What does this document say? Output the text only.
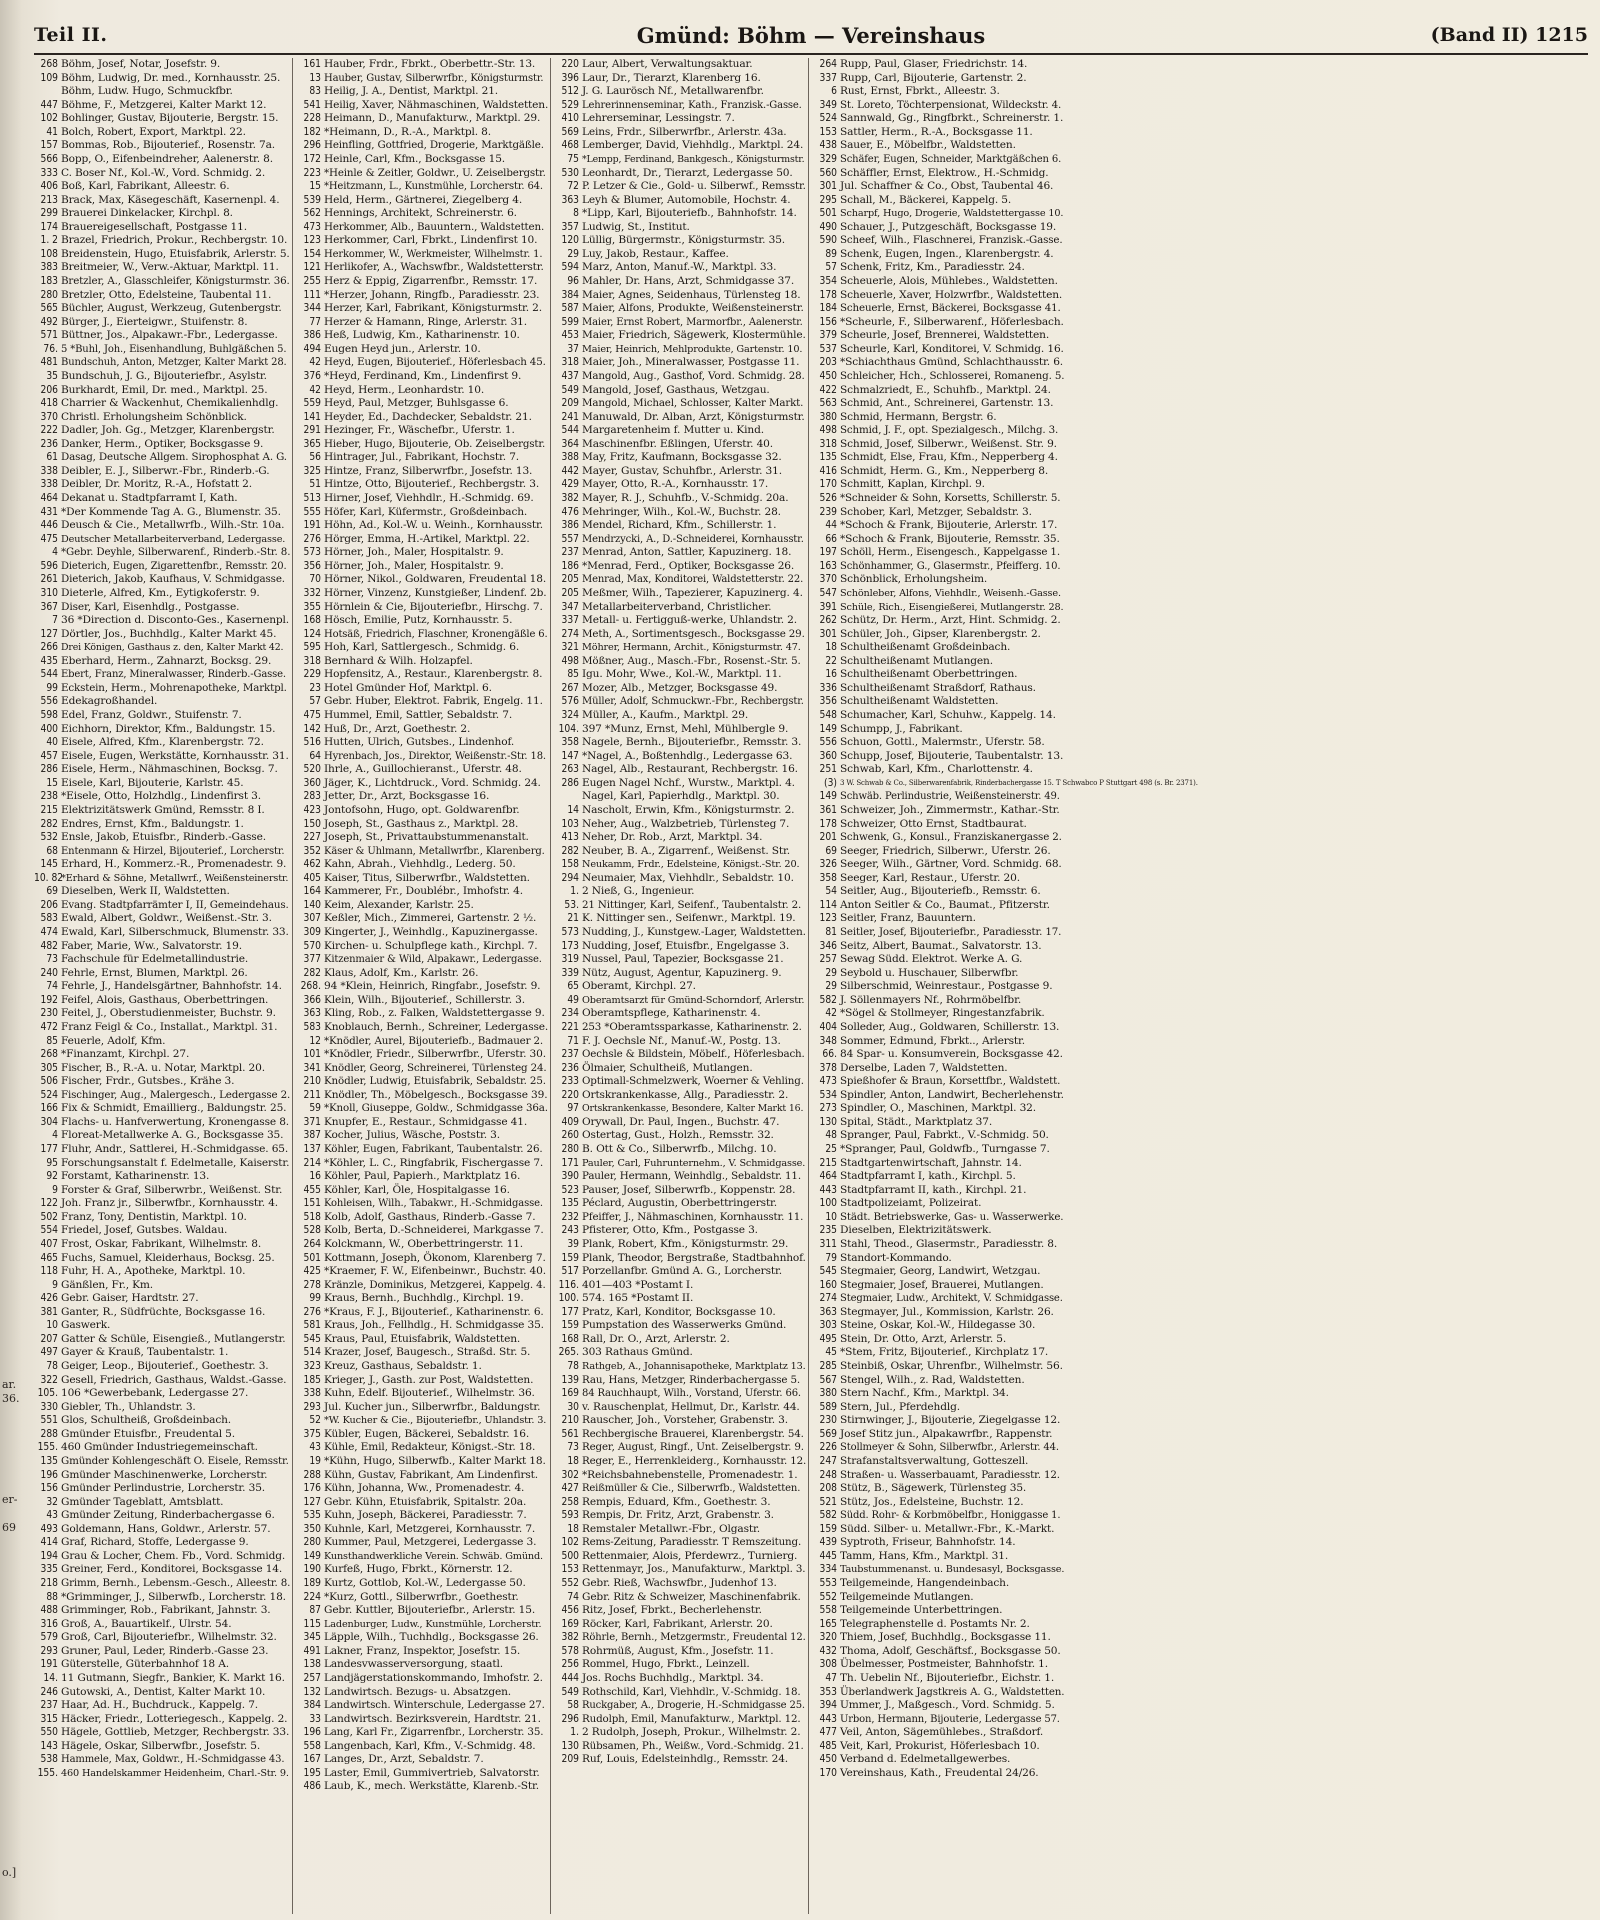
Teil II.	Gmünd: Böhm — Vereinshaus	(Band II) 1215
ar.
36.
er-
69
o.]
268 Böhm, Josef, Notar, Josefstr. 9.
109 Böhm, Ludwig, Dr. med., Kornhausstr. 25.
Böhm, Ludw. Hugo, Schmuckfbr.
447 Böhme, F., Metzgerei, Kalter Markt 12.
102 Bohlinger, Gustav, Bijouterie, Bergstr. 15.
41 Bolch, Robert, Export, Marktpl. 22.
157 Bommas, Rob., Bijouterief., Rosenstr. 7a.
566 Bopp, O., Eifenbeindreher, Aalenerstr. 8.
333 C. Boser Nf., Kol.-W., Vord. Schmidg. 2.
406 Boß, Karl, Fabrikant, Alleestr. 6.
213 Brack, Max, Käsegeschäft, Kasernenpl. 4.
299 Brauerei Dinkelacker, Kirchpl. 8.
174 Brauereigesellschaft, Postgasse 11.
1. 2 Brazel, Friedrich, Prokur., Rechbergstr. 10.
108 Breidenstein, Hugo, Etuisfabrik, Arlerstr. 5.
383 Breitmeier, W., Verw.-Aktuar, Marktpl. 11.
183 Bretzler, A., Glasschleifer, Königsturmstr. 36.
280 Bretzler, Otto, Edelsteine, Taubental 11.
565 Büchler, August, Werkzeug, Gutenbergstr.
492 Bürger, J., Eierteigwr., Stuifenstr. 8.
571 Büttner, Jos., Alpakawr.-Fbr., Ledergasse.
76. 5 *Buhl, Joh., Eisenhandlung, Buhlgäßchen 5.
481 Bundschuh, Anton, Metzger, Kalter Markt 28.
35 Bundschuh, J. G., Bijouteriefbr., Asylstr.
206 Burkhardt, Emil, Dr. med., Marktpl. 25.
418 Charrier & Wackenhut, Chemikalienhdlg.
370 Christl. Erholungsheim Schönblick.
222 Dadler, Joh. Gg., Metzger, Klarenbergstr.
236 Danker, Herm., Optiker, Bocksgasse 9.
61 Dasag, Deutsche Allgem. Sirophosphat A. G.
338 Deibler, E. J., Silberwr.-Fbr., Rinderb.-G.
338 Deibler, Dr. Moritz, R.-A., Hofstatt 2.
464 Dekanat u. Stadtpfarramt I, Kath.
431 *Der Kommende Tag A. G., Blumenstr. 35.
446 Deusch & Cie., Metallwrfb., Wilh.-Str. 10a.
475 Deutscher Metallarbeiterverband, Ledergasse.
4 *Gebr. Deyhle, Silberwarenf., Rinderb.-Str. 8.
596 Dieterich, Eugen, Zigarettenfbr., Remsstr. 20.
261 Dieterich, Jakob, Kaufhaus, V. Schmidgasse.
310 Dieterle, Alfred, Km., Eytigkoferstr. 9.
367 Diser, Karl, Eisenhdlg., Postgasse.
7 36 *Direction d. Disconto-Ges., Kasernenpl.
127 Dörtler, Jos., Buchhdlg., Kalter Markt 45.
266 Drei Königen, Gasthaus z. den, Kalter Markt 42.
435 Eberhard, Herm., Zahnarzt, Bocksg. 29.
544 Ebert, Franz, Mineralwasser, Rinderb.-Gasse.
99 Eckstein, Herm., Mohrenapotheke, Marktpl.
556 Edekagroßhandel.
598 Edel, Franz, Goldwr., Stuifenstr. 7.
400 Eichhorn, Direktor, Kfm., Baldungstr. 15.
40 Eisele, Alfred, Kfm., Klarenbergstr. 72.
457 Eisele, Eugen, Werkstätte, Kornhausstr. 31.
286 Eisele, Herm., Nähmaschinen, Bocksg. 7.
15 Eisele, Karl, Bijouterie, Karlstr. 45.
238 *Eisele, Otto, Holzhdlg., Lindenfirst 3.
215 Elektrizitätswerk Gmünd, Remsstr. 8 I.
282 Endres, Ernst, Kfm., Baldungstr. 1.
532 Ensle, Jakob, Etuisfbr., Rinderb.-Gasse.
68 Entenmann & Hirzel, Bijouterief., Lorcherstr.
145 Erhard, H., Kommerz.-R., Promenadestr. 9.
10. 82
*Erhard & Söhne, Metallwrf., Weißensteinerstr.
69 Dieselben, Werk II, Waldstetten.
206 Evang. Stadtpfarrämter I, II, Gemeindehaus.
583 Ewald, Albert, Goldwr., Weißenst.-Str. 3.
474 Ewald, Karl, Silberschmuck, Blumenstr. 33.
482 Faber, Marie, Ww., Salvatorstr. 19.
73 Fachschule für Edelmetallindustrie.
240 Fehrle, Ernst, Blumen, Marktpl. 26.
74 Fehrle, J., Handelsgärtner, Bahnhofstr. 14.
192 Feifel, Alois, Gasthaus, Oberbettringen.
230 Feitel, J., Oberstudienmeister, Buchstr. 9.
472 Franz Feigl & Co., Installat., Marktpl. 31.
85 Feuerle, Adolf, Kfm.
268 *Finanzamt, Kirchpl. 27.
305 Fischer, B., R.-A. u. Notar, Marktpl. 20.
506 Fischer, Frdr., Gutsbes., Krähe 3.
524 Fischinger, Aug., Malergesch., Ledergasse 2.
166 Fix & Schmidt, Emaillierg., Baldungstr. 25.
304 Flachs- u. Hanfverwertung, Kronengasse 8.
4 Floreat-Metallwerke A. G., Bocksgasse 35.
177 Fluhr, Andr., Sattlerei, H.-Schmidgasse. 65.
95 Forschungsanstalt f. Edelmetalle, Kaiserstr.
92 Forstamt, Katharinenstr. 13.
9 Forster & Graf, Silberwrbr., Weißenst. Str.
122 Joh. Franz jr., Silberwfbr., Kornhausstr. 4.
502 Franz, Tony, Dentistin, Marktpl. 10.
554 Friedel, Josef, Gutsbes. Waldau.
407 Frost, Oskar, Fabrikant, Wilhelmstr. 8.
465 Fuchs, Samuel, Kleiderhaus, Bocksg. 25.
118 Fuhr, H. A., Apotheke, Marktpl. 10.
9 Gänßlen, Fr., Km.
426 Gebr. Gaiser, Hardtstr. 27.
381 Ganter, R., Südfrüchte, Bocksgasse 16.
10 Gaswerk.
207 Gatter & Schüle, Eisengieß., Mutlangerstr.
497 Gayer & Krauß, Taubentalstr. 1.
78 Geiger, Leop., Bijouterief., Goethestr. 3.
322 Gesell, Friedrich, Gasthaus, Waldst.-Gasse.
105. 106 *Gewerbebank, Ledergasse 27.
330 Giebler, Th., Uhlandstr. 3.
551 Glos, Schultheiß, Großdeinbach.
288 Gmünder Etuisfbr., Freudental 5.
155. 460 Gmünder Industriegemeinschaft.
135 Gmünder Kohlengeschäft O. Eisele, Remsstr.
196 Gmünder Maschinenwerke, Lorcherstr.
156 Gmünder Perlindustrie, Lorcherstr. 35.
32 Gmünder Tageblatt, Amtsblatt.
43 Gmünder Zeitung, Rinderbachergasse 6.
493 Goldemann, Hans, Goldwr., Arlerstr. 57.
414 Graf, Richard, Stoffe, Ledergasse 9.
194 Grau & Locher, Chem. Fb., Vord. Schmidg.
335 Greiner, Ferd., Konditorei, Bocksgasse 14.
218 Grimm, Bernh., Lebensm.-Gesch., Alleestr. 8.
88 *Grimminger, J., Silberwfb., Lorcherstr. 18.
488 Grimminger, Rob., Fabrikant, Jahnstr. 3.
316 Groß, A., Bauartikelf., Ulrstr. 54.
579 Groß, Carl, Bijouteriefbr., Wilhelmstr. 32.
293 Gruner, Paul, Leder, Rinderb.-Gasse 23.
191 Güterstelle, Güterbahnhof 18 A.
14. 11 Gutmann, Siegfr., Bankier, K. Markt 16.
246 Gutowski, A., Dentist, Kalter Markt 10.
237 Haar, Ad. H., Buchdruck., Kappelg. 7.
315 Häcker, Friedr., Lotteriegesch., Kappelg. 2.
550 Hägele, Gottlieb, Metzger, Rechbergstr. 33.
143 Hägele, Oskar, Silberwfbr., Josefstr. 5.
538 Hammele, Max, Goldwr., H.-Schmidgasse 43.
155. 460 Handelskammer Heidenheim, Charl.-Str. 9.
161 Hauber, Frdr., Fbrkt., Oberbettr.-Str. 13.
13 Hauber, Gustav, Silberwrfbr., Königsturmstr.
83 Heilig, J. A., Dentist, Marktpl. 21.
541 Heilig, Xaver, Nähmaschinen, Waldstetten.
228 Heimann, D., Manufakturw., Marktpl. 29.
182 *Heimann, D., R.-A., Marktpl. 8.
296 Heinfling, Gottfried, Drogerie, Marktgäßle.
172 Heinle, Carl, Kfm., Bocksgasse 15.
223 *Heinle & Zeitler, Goldwr., U. Zeiselbergstr.
15 *Heitzmann, L., Kunstmühle, Lorcherstr. 64.
539 Held, Herm., Gärtnerei, Ziegelberg 4.
562 Hennings, Architekt, Schreinerstr. 6.
473 Herkommer, Alb., Bauuntern., Waldstetten.
123 Herkommer, Carl, Fbrkt., Lindenfirst 10.
154 Herkommer, W., Werkmeister, Wilhelmstr. 1.
121 Herlikofer, A., Wachswfbr., Waldstetterstr.
255 Herz & Eppig, Zigarrenfbr., Remsstr. 17.
111 *Herzer, Johann, Ringfb., Paradiesstr. 23.
344 Herzer, Karl, Fabrikant, Königsturmstr. 2.
77 Herzer & Hamann, Ringe, Arlerstr. 31.
386 Heß, Ludwig, Km., Katharinenstr. 10.
494 Eugen Heyd jun., Arlerstr. 10.
42 Heyd, Eugen, Bijouterief., Höferlesbach 45.
376 *Heyd, Ferdinand, Km., Lindenfirst 9.
42 Heyd, Herm., Leonhardstr. 10.
559 Heyd, Paul, Metzger, Buhlsgasse 6.
141 Heyder, Ed., Dachdecker, Sebaldstr. 21.
291 Hezinger, Fr., Wäschefbr., Uferstr. 1.
365 Hieber, Hugo, Bijouterie, Ob. Zeiselbergstr.
56 Hintrager, Jul., Fabrikant, Hochstr. 7.
325 Hintze, Franz, Silberwrfbr., Josefstr. 13.
51 Hintze, Otto, Bijouterief., Rechbergstr. 3.
513 Hirner, Josef, Viehhdlr., H.-Schmidg. 69.
555 Höfer, Karl, Küfermstr., Großdeinbach.
191 Höhn, Ad., Kol.-W. u. Weinh., Kornhausstr.
276 Hörger, Emma, H.-Artikel, Marktpl. 22.
573 Hörner, Joh., Maler, Hospitalstr. 9.
356 Hörner, Joh., Maler, Hospitalstr. 9.
70 Hörner, Nikol., Goldwaren, Freudental 18.
332 Hörner, Vinzenz, Kunstgießer, Lindenf. 2b.
355 Hörnlein & Cie, Bijouteriefbr., Hirschg. 7.
168 Hösch, Emilie, Putz, Kornhausstr. 5.
124 Hotsäß, Friedrich, Flaschner, Kronengäßle 6.
595 Hoh, Karl, Sattlergesch., Schmidg. 6.
318 Bernhard & Wilh. Holzapfel.
229 Hopfensitz, A., Restaur., Klarenbergstr. 8.
23 Hotel Gmünder Hof, Marktpl. 6.
57 Gebr. Huber, Elektrot. Fabrik, Engelg. 11.
475 Hummel, Emil, Sattler, Sebaldstr. 7.
142 Huß, Dr., Arzt, Goethestr. 2.
516 Hutten, Ulrich, Gutsbes., Lindenhof.
64 Hyrenbach, Jos., Direktor, Weißenstr.-Str. 18.
520 Ihrle, A., Guillochieranst., Uferstr. 48.
360 Jäger, K., Lichtdruck., Vord. Schmidg. 24.
283 Jetter, Dr., Arzt, Bocksgasse 16.
423 Jontofsohn, Hugo, opt. Goldwarenfbr.
150 Joseph, St., Gasthaus z., Marktpl. 28.
227 Joseph, St., Privattaubstummenanstalt.
352 Käser & Uhlmann, Metallwrfbr., Klarenberg.
462 Kahn, Abrah., Viehhdlg., Lederg. 50.
405 Kaiser, Titus, Silberwrfbr., Waldstetten.
164 Kammerer, Fr., Doublébr., Imhofstr. 4.
140 Keim, Alexander, Karlstr. 25.
307 Keßler, Mich., Zimmerei, Gartenstr. 2 ½.
309 Kingerter, J., Weinhdlg., Kapuzinergasse.
570 Kirchen- u. Schulpflege kath., Kirchpl. 7.
377 Kitzenmaier & Wild, Alpakawr., Ledergasse.
282 Klaus, Adolf, Km., Karlstr. 26.
268. 94 *Klein, Heinrich, Ringfabr., Josefstr. 9.
366 Klein, Wilh., Bijouterief., Schillerstr. 3.
363 Kling, Rob., z. Falken, Waldstettergasse 9.
583 Knoblauch, Bernh., Schreiner, Ledergasse.
12 *Knödler, Aurel, Bijouteriefb., Badmauer 2.
101 *Knödler, Friedr., Silberwrfbr., Uferstr. 30.
341 Knödler, Georg, Schreinerei, Türlensteg 24.
210 Knödler, Ludwig, Etuisfabrik, Sebaldstr. 25.
211 Knödler, Th., Möbelgesch., Bocksgasse 39.
59 *Knoll, Giuseppe, Goldw., Schmidgasse 36a.
371 Knupfer, E., Restaur., Schmidgasse 41.
387 Kocher, Julius, Wäsche, Poststr. 3.
137 Köhler, Eugen, Fabrikant, Taubentalstr. 26.
214 *Köhler, L. C., Ringfabrik, Fischergasse 7.
16 Köhler, Paul, Papierh., Marktplatz 16.
455 Köhler, Karl, Öle, Hospitalgasse 16.
151 Kohleisen, Wilh., Tabakwr., H.-Schmidgasse.
518 Kolb, Adolf, Gasthaus, Rinderb.-Gasse 7.
528 Kolb, Berta, D.-Schneiderei, Markgasse 7.
264 Kolckmann, W., Oberbettringerstr. 11.
501 Kottmann, Joseph, Ökonom, Klarenberg 7.
425 *Kraemer, F. W., Eifenbeinwr., Buchstr. 40.
278 Kränzle, Dominikus, Metzgerei, Kappelg. 4.
99 Kraus, Bernh., Buchhdlg., Kirchpl. 19.
276 *Kraus, F. J., Bijouterief., Katharinenstr. 6.
581 Kraus, Joh., Fellhdlg., H. Schmidgasse 35.
545 Kraus, Paul, Etuisfabrik, Waldstetten.
514 Krazer, Josef, Baugesch., Straßd. Str. 5.
323 Kreuz, Gasthaus, Sebaldstr. 1.
185 Krieger, J., Gasth. zur Post, Waldstetten.
338 Kuhn, Edelf. Bijouterief., Wilhelmstr. 36.
293 Jul. Kucher jun., Silberwrfbr., Baldungstr.
52 *W. Kucher & Cie., Bijouteriefbr., Uhlandstr. 3.
375 Kübler, Eugen, Bäckerei, Sebaldstr. 16.
43 Kühle, Emil, Redakteur, Königst.-Str. 18.
19 *Kühn, Hugo, Silberwfb., Kalter Markt 18.
288 Kühn, Gustav, Fabrikant, Am Lindenfirst.
176 Kühn, Johanna, Ww., Promenadestr. 4.
127 Gebr. Kühn, Etuisfabrik, Spitalstr. 20a.
535 Kuhn, Joseph, Bäckerei, Paradiesstr. 7.
350 Kuhnle, Karl, Metzgerei, Kornhausstr. 7.
280 Kummer, Paul, Metzgerei, Ledergasse 3.
149 Kunsthandwerkliche Verein. Schwäb. Gmünd.
190 Kurfeß, Hugo, Fbrkt., Körnerstr. 12.
189 Kurtz, Gottlob, Kol.-W., Ledergasse 50.
224 *Kurz, Gottl., Silberwrfbr., Goethestr.
87 Gebr. Kuttler, Bijouteriefbr., Arlerstr. 15.
115 Ladenburger, Ludw., Kunstmühle, Lorcherstr.
345 Läpple, Wilh., Tuchhdlg., Bocksgasse 26.
491 Lakner, Franz, Inspektor, Josefstr. 15.
138 Landesvwasserversorgung, staatl.
257 Landjägerstationskommando, Imhofstr. 2.
132 Landwirtsch. Bezugs- u. Absatzgen.
384 Landwirtsch. Winterschule, Ledergasse 27.
33 Landwirtsch. Bezirksverein, Hardtstr. 21.
196 Lang, Karl Fr., Zigarrenfbr., Lorcherstr. 35.
558 Langenbach, Karl, Kfm., V.-Schmidg. 48.
167 Langes, Dr., Arzt, Sebaldstr. 7.
195 Laster, Emil, Gummivertrieb, Salvatorstr.
486 Laub, K., mech. Werkstätte, Klarenb.-Str.
220 Laur, Albert, Verwaltungsaktuar.
396 Laur, Dr., Tierarzt, Klarenberg 16.
512 J. G. Laurösch Nf., Metallwarenfbr.
529 Lehrerinnenseminar, Kath., Franzisk.-Gasse.
410 Lehrerseminar, Lessingstr. 7.
569 Leins, Frdr., Silberwrfbr., Arlerstr. 43a.
468 Lemberger, David, Viehhdlg., Marktpl. 24.
75 *Lempp, Ferdinand, Bankgesch., Königsturmstr.
530 Leonhardt, Dr., Tierarzt, Ledergasse 50.
72 P. Letzer & Cie., Gold- u. Silberwf., Remsstr.
363 Leyh & Blumer, Automobile, Hochstr. 4.
8 *Lipp, Karl, Bijouteriefb., Bahnhofstr. 14.
357 Ludwig, St., Institut.
120 Lüllig, Bürgermstr., Königsturmstr. 35.
29 Luy, Jakob, Restaur., Kaffee.
594 Marz, Anton, Manuf.-W., Marktpl. 33.
96 Mahler, Dr. Hans, Arzt, Schmidgasse 37.
384 Maier, Agnes, Seidenhaus, Türlensteg 18.
587 Maier, Alfons, Produkte, Weißensteinerstr.
599 Maier, Ernst Robert, Marmorfbr., Aalenerstr.
453 Maier, Friedrich, Sägewerk, Klostermühle.
37 Maier, Heinrich, Mehlprodukte, Gartenstr. 10.
318 Maier, Joh., Mineralwasser, Postgasse 11.
437 Mangold, Aug., Gasthof, Vord. Schmidg. 28.
549 Mangold, Josef, Gasthaus, Wetzgau.
209 Mangold, Michael, Schlosser, Kalter Markt.
241 Manuwald, Dr. Alban, Arzt, Königsturmstr.
544 Margaretenheim f. Mutter u. Kind.
364 Maschinenfbr. Eßlingen, Uferstr. 40.
388 May, Fritz, Kaufmann, Bocksgasse 32.
442 Mayer, Gustav, Schuhfbr., Arlerstr. 31.
429 Mayer, Otto, R.-A., Kornhausstr. 17.
382 Mayer, R. J., Schuhfb., V.-Schmidg. 20a.
476 Mehringer, Wilh., Kol.-W., Buchstr. 28.
386 Mendel, Richard, Kfm., Schillerstr. 1.
557 Mendrzycki, A., D.-Schneiderei, Kornhausstr.
237 Menrad, Anton, Sattler, Kapuzinerg. 18.
186 *Menrad, Ferd., Optiker, Bocksgasse 26.
205 Menrad, Max, Konditorei, Waldstetterstr. 22.
205 Meßmer, Wilh., Tapezierer, Kapuzinerg. 4.
347 Metallarbeiterverband, Christlicher.
337 Metall- u. Fertigguß-werke, Uhlandstr. 2.
274 Meth, A., Sortimentsgesch., Bocksgasse 29.
321 Möhrer, Hermann, Archit., Königsturmstr. 47.
498 Mößner, Aug., Masch.-Fbr., Rosenst.-Str. 5.
85 Igu. Mohr, Wwe., Kol.-W., Marktpl. 11.
267 Mozer, Alb., Metzger, Bocksgasse 49.
576 Müller, Adolf, Schmuckwr.-Fbr., Rechbergstr.
324 Müller, A., Kaufm., Marktpl. 29.
104. 397 *Munz, Ernst, Mehl, Mühlbergle 9.
358 Nagele, Bernh., Bijouteriefbr., Remsstr. 3.
147 *Nagel, A., Boßtenhdlg., Ledergasse 63.
263 Nagel, Alb., Restaurant, Rechbergstr. 16.
286 Eugen Nagel Nchf., Wurstw., Marktpl. 4.
Nagel, Karl, Papierhdlg., Marktpl. 30.
14 Nascholt, Erwin, Kfm., Königsturmstr. 2.
103 Neher, Aug., Walzbetrieb, Türlensteg 7.
413 Neher, Dr. Rob., Arzt, Marktpl. 34.
282 Neuber, B. A., Zigarrenf., Weißenst. Str.
158 Neukamm, Frdr., Edelsteine, Königst.-Str. 20.
294 Neumaier, Max, Viehhdlr., Sebaldstr. 10.
1. 2 Nieß, G., Ingenieur.
53. 21 Nittinger, Karl, Seifenf., Taubentalstr. 2.
21 K. Nittinger sen., Seifenwr., Marktpl. 19.
573 Nudding, J., Kunstgew.-Lager, Waldstetten.
173 Nudding, Josef, Etuisfbr., Engelgasse 3.
319 Nussel, Paul, Tapezier, Bocksgasse 21.
339 Nütz, August, Agentur, Kapuzinerg. 9.
65 Oberamt, Kirchpl. 27.
49 Oberamtsarzt für Gmünd-Schorndorf, Arlerstr.
234 Oberamtspflege, Katharinenstr. 4.
221 253 *Oberamtssparkasse, Katharinenstr. 2.
71 F. J. Oechsle Nf., Manuf.-W., Postg. 13.
237 Oechsle & Bildstein, Möbelf., Höferlesbach.
236 Ölmaier, Schultheiß, Mutlangen.
233 Optimall-Schmelzwerk, Woerner & Vehling.
220 Ortskrankenkasse, Allg., Paradiesstr. 2.
97 Ortskrankenkasse, Besondere, Kalter Markt 16.
409 Orywall, Dr. Paul, Ingen., Buchstr. 47.
260 Ostertag, Gust., Holzh., Remsstr. 32.
280 B. Ott & Co., Silberwrfb., Milchg. 10.
171 Pauler, Carl, Fuhrunternehm., V. Schmidgasse.
390 Pauler, Hermann, Weinhdlg., Sebaldstr. 11.
523 Pauser, Josef, Silberwrfb., Koppenstr. 28.
135 Péclard, Augustin, Oberbettringerstr.
232 Pfeiffer, J., Nähmaschinen, Kornhausstr. 11.
243 Pfisterer, Otto, Kfm., Postgasse 3.
39 Plank, Robert, Kfm., Königsturmstr. 29.
159 Plank, Theodor, Bergstraße, Stadtbahnhof.
517 Porzellanfbr. Gmünd A. G., Lorcherstr.
116. 401—403 *Postamt I.
100. 574. 165 *Postamt II.
177 Pratz, Karl, Konditor, Bocksgasse 10.
159 Pumpstation des Wasserwerks Gmünd.
168 Rall, Dr. O., Arzt, Arlerstr. 2.
265. 303 Rathaus Gmünd.
78 Rathgeb, A., Johannisapotheke, Marktplatz 13.
139 Rau, Hans, Metzger, Rinderbachergasse 5.
169 84 Rauchhaupt, Wilh., Vorstand, Uferstr. 66.
30 v. Rauschenplat, Hellmut, Dr., Karlstr. 44.
210 Rauscher, Joh., Vorsteher, Grabenstr. 3.
561 Rechbergische Brauerei, Klarenbergstr. 54.
73 Reger, August, Ringf., Unt. Zeiselbergstr. 9.
18 Reger, E., Herrenkleiderg., Kornhausstr. 12.
302 *Reichsbahnebenstelle, Promenadestr. 1.
427 Reißmüller & Cie., Silberwrfb., Waldstetten.
258 Rempis, Eduard, Kfm., Goethestr. 3.
593 Rempis, Dr. Fritz, Arzt, Grabenstr. 3.
18 Remstaler Metallwr.-Fbr., Olgastr.
102 Rems-Zeitung, Paradiesstr. T Remszeitung.
500 Rettenmaier, Alois, Pferdewrz., Turnierg.
153 Rettenmayr, Jos., Manufakturw., Marktpl. 3.
552 Gebr. Rieß, Wachswfbr., Judenhof 13.
74 Gebr. Ritz & Schweizer, Maschinenfabrik.
456 Ritz, Josef, Fbrkt., Becherlehenstr.
169 Röcker, Karl, Fabrikant, Arlerstr. 20.
382 Röhrle, Bernh., Metzgermstr., Freudental 12.
578 Rohrmüß, August, Kfm., Josefstr. 11.
256 Rommel, Hugo, Fbrkt., Leinzell.
444 Jos. Rochs Buchhdlg., Marktpl. 34.
549 Rothschild, Karl, Viehhdlr., V.-Schmidg. 18.
58 Ruckgaber, A., Drogerie, H.-Schmidgasse 25.
296 Rudolph, Emil, Manufakturw., Marktpl. 12.
1. 2 Rudolph, Joseph, Prokur., Wilhelmstr. 2.
130 Rübsamen, Ph., Weißw., Vord.-Schmidg. 21.
209 Ruf, Louis, Edelsteinhdlg., Remsstr. 24.
264 Rupp, Paul, Glaser, Friedrichstr. 14.
337 Rupp, Carl, Bijouterie, Gartenstr. 2.
6 Rust, Ernst, Fbrkt., Alleestr. 3.
349 St. Loreto, Töchterpensionat, Wildeckstr. 4.
524 Sannwald, Gg., Ringfbrkt., Schreinerstr. 1.
153 Sattler, Herm., R.-A., Bocksgasse 11.
438 Sauer, E., Möbelfbr., Waldstetten.
329 Schäfer, Eugen, Schneider, Marktgäßchen 6.
560 Schäffler, Ernst, Elektrow., H.-Schmidg.
301 Jul. Schaffner & Co., Obst, Taubental 46.
295 Schall, M., Bäckerei, Kappelg. 5.
501 Scharpf, Hugo, Drogerie, Waldstettergasse 10.
490 Schauer, J., Putzgeschäft, Bocksgasse 19.
590 Scheef, Wilh., Flaschnerei, Franzisk.-Gasse.
89 Schenk, Eugen, Ingen., Klarenbergstr. 4.
57 Schenk, Fritz, Km., Paradiesstr. 24.
354 Scheuerle, Alois, Mühlebes., Waldstetten.
178 Scheuerle, Xaver, Holzwrfbr., Waldstetten.
184 Scheuerle, Ernst, Bäckerei, Bocksgasse 41.
156 *Scheurle, F., Silberwarenf., Höferlesbach.
379 Scheurle, Josef, Brennerei, Waldstetten.
537 Scheurle, Karl, Konditorei, V. Schmidg. 16.
203 *Schiachthaus Gmünd, Schlachthausstr. 6.
450 Schleicher, Hch., Schlosserei, Romaneng. 5.
422 Schmalzriedt, E., Schuhfb., Marktpl. 24.
563 Schmid, Ant., Schreinerei, Gartenstr. 13.
380 Schmid, Hermann, Bergstr. 6.
498 Schmid, J. F., opt. Spezialgesch., Milchg. 3.
318 Schmid, Josef, Silberwr., Weißenst. Str. 9.
135 Schmidt, Else, Frau, Kfm., Nepperberg 4.
416 Schmidt, Herm. G., Km., Nepperberg 8.
170 Schmitt, Kaplan, Kirchpl. 9.
526 *Schneider & Sohn, Korsetts, Schillerstr. 5.
239 Schober, Karl, Metzger, Sebaldstr. 3.
44 *Schoch & Frank, Bijouterie, Arlerstr. 17.
66 *Schoch & Frank, Bijouterie, Remsstr. 35.
197 Schöll, Herm., Eisengesch., Kappelgasse 1.
163 Schönhammer, G., Glasermstr., Pfeifferg. 10.
370 Schönblick, Erholungsheim.
547 Schönleber, Alfons, Viehhdlr., Weisenh.-Gasse.
391 Schüle, Rich., Eisengießerei, Mutlangerstr. 28.
262 Schütz, Dr. Herm., Arzt, Hint. Schmidg. 2.
301 Schüler, Joh., Gipser, Klarenbergstr. 2.
18 Schultheißenamt Großdeinbach.
22 Schultheißenamt Mutlangen.
16 Schultheißenamt Oberbettringen.
336 Schultheißenamt Straßdorf, Rathaus.
356 Schultheißenamt Waldstetten.
548 Schumacher, Karl, Schuhw., Kappelg. 14.
149 Schumpp, J., Fabrikant.
556 Schuon, Gottl., Malermstr., Uferstr. 58.
360 Schupp, Josef, Bijouterie, Taubentalstr. 13.
251 Schwab, Karl, Kfm., Charlottenstr. 4.
(3) 3 W. Schwab & Co., Silberwarenfabrik, Rinderbachergasse 15. T Schwabco P Stuttgart 498 (s. Br. 2371).
149 Schwäb. Perlindustrie, Weißensteinerstr. 49.
361 Schweizer, Joh., Zimmermstr., Kathar.-Str.
178 Schweizer, Otto Ernst, Stadtbaurat.
201 Schwenk, G., Konsul., Franziskanergasse 2.
69 Seeger, Friedrich, Silberwr., Uferstr. 26.
326 Seeger, Wilh., Gärtner, Vord. Schmidg. 68.
358 Seeger, Karl, Restaur., Uferstr. 20.
54 Seitler, Aug., Bijouteriefb., Remsstr. 6.
114 Anton Seitler & Co., Baumat., Pfitzerstr.
123 Seitler, Franz, Bauuntern.
81 Seitler, Josef, Bijouteriefbr., Paradiesstr. 17.
346 Seitz, Albert, Baumat., Salvatorstr. 13.
257 Sewag Südd. Elektrot. Werke A. G.
29 Seybold u. Huschauer, Silberwfbr.
29 Silberschmid, Weinrestaur., Postgasse 9.
582 J. Söllenmayers Nf., Rohrmöbelfbr.
42 *Sögel & Stollmeyer, Ringestanzfabrik.
404 Solleder, Aug., Goldwaren, Schillerstr. 13.
348 Sommer, Edmund, Fbrkt.., Arlerstr.
66. 84 Spar- u. Konsumverein, Bocksgasse 42.
378 Derselbe, Laden 7, Waldstetten.
473 Spießhofer & Braun, Korsettfbr., Waldstett.
534 Spindler, Anton, Landwirt, Becherlehenstr.
273 Spindler, O., Maschinen, Marktpl. 32.
130 Spital, Städt., Marktplatz 37.
48 Spranger, Paul, Fabrkt., V.-Schmidg. 50.
25 *Spranger, Paul, Goldwfb., Turngasse 7.
215 Stadtgartenwirtschaft, Jahnstr. 14.
464 Stadtpfarramt I, kath., Kirchpl. 5.
443 Stadtpfarramt II, kath., Kirchpl. 21.
100 Stadtpolizeiamt, Polizeirat.
10 Städt. Betriebswerke, Gas- u. Wasserwerke.
235 Dieselben, Elektrizitätswerk.
311 Stahl, Theod., Glasermstr., Paradiesstr. 8.
79 Standort-Kommando.
545 Stegmaier, Georg, Landwirt, Wetzgau.
160 Stegmaier, Josef, Brauerei, Mutlangen.
274 Stegmaier, Ludw., Architekt, V. Schmidgasse.
363 Stegmayer, Jul., Kommission, Karlstr. 26.
303 Steine, Oskar, Kol.-W., Hildegasse 30.
495 Stein, Dr. Otto, Arzt, Arlerstr. 5.
45 *Stem, Fritz, Bijouterief., Kirchplatz 17.
285 Steinbiß, Oskar, Uhrenfbr., Wilhelmstr. 56.
567 Stengel, Wilh., z. Rad, Waldstetten.
380 Stern Nachf., Kfm., Marktpl. 34.
589 Stern, Jul., Pferdehdlg.
230 Stirnwinger, J., Bijouterie, Ziegelgasse 12.
569 Josef Stitz jun., Alpakawrfbr., Rappenstr.
226 Stollmeyer & Sohn, Silberwfbr., Arlerstr. 44.
247 Strafanstaltsverwaltung, Gotteszell.
248 Straßen- u. Wasserbauamt, Paradiesstr. 12.
208 Stütz, B., Sägewerk, Türlensteg 35.
521 Stütz, Jos., Edelsteine, Buchstr. 12.
582 Südd. Rohr- & Korbmöbelfbr., Honiggasse 1.
159 Südd. Silber- u. Metallwr.-Fbr., K.-Markt.
439 Syptroth, Friseur, Bahnhofstr. 14.
445 Tamm, Hans, Kfm., Marktpl. 31.
334 Taubstummenanst. u. Bundesasyl, Bocksgasse.
553 Teilgemeinde, Hangendeinbach.
552 Teilgemeinde Mutlangen.
558 Teilgemeinde Unterbettringen.
165 Telegraphenstelle d. Postamts Nr. 2.
320 Thiem, Josef, Buchhdlg., Bocksgasse 11.
432 Thoma, Adolf, Geschäftsf., Bocksgasse 50.
308 Übelmesser, Postmeister, Bahnhofstr. 1.
47 Th. Uebelin Nf., Bijouteriefbr., Eichstr. 1.
353 Überlandwerk Jagstkreis A. G., Waldstetten.
394 Ummer, J., Maßgesch., Vord. Schmidg. 5.
443 Urbon, Hermann, Bijouterie, Ledergasse 57.
477 Veil, Anton, Sägemühlebes., Straßdorf.
485 Veit, Karl, Prokurist, Höferlesbach 10.
450 Verband d. Edelmetallgewerbes.
170 Vereinshaus, Kath., Freudental 24/26.
